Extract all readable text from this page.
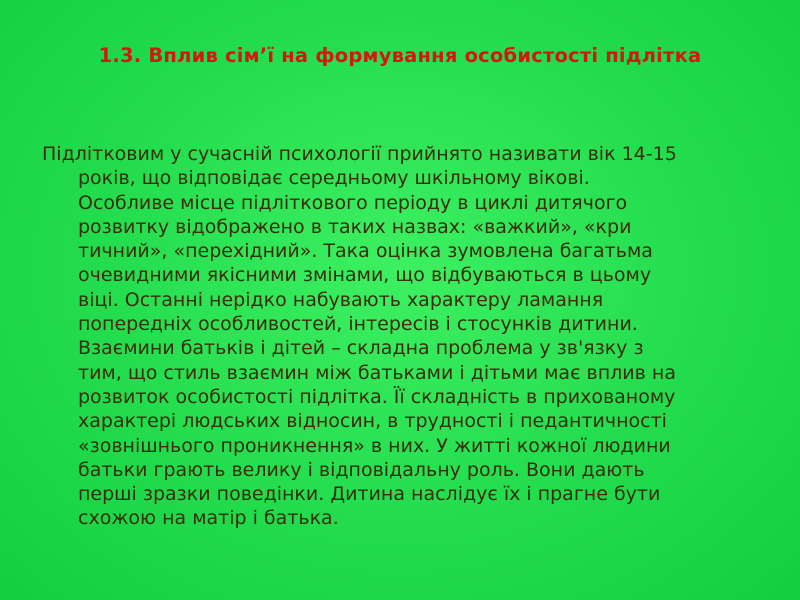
1.3. Вплив сім’ї на формування особистості підлітка
Підлітковим у сучасній психології прийнято називати вік 14-15
років, що відповідає середньому шкільному вікові.
Особливе місце підліткового періоду в циклі дитячого
розвитку відображено в таких назвах: «важкий», «кри
тичний», «перехідний». Така оцінка зумовлена багатьма
очевидними якісними змінами, що відбуваються в цьому
віці. Останні нерідко набувають характеру ламання
попередніх особливостей, інтересів і стосунків дитини.
Взаємини батьків і дітей – складна проблема у зв'язку з
тим, що стиль взаємин між батьками і дітьми має вплив на
розвиток особистості підлітка. Її складність в прихованому
характері людських відносин, в трудності і педантичності
«зовнішнього проникнення» в них. У житті кожної людини
батьки грають велику і відповідальну роль. Вони дають
перші зразки поведінки. Дитина наслідує їх і прагне бути
схожою на матір і батька.
